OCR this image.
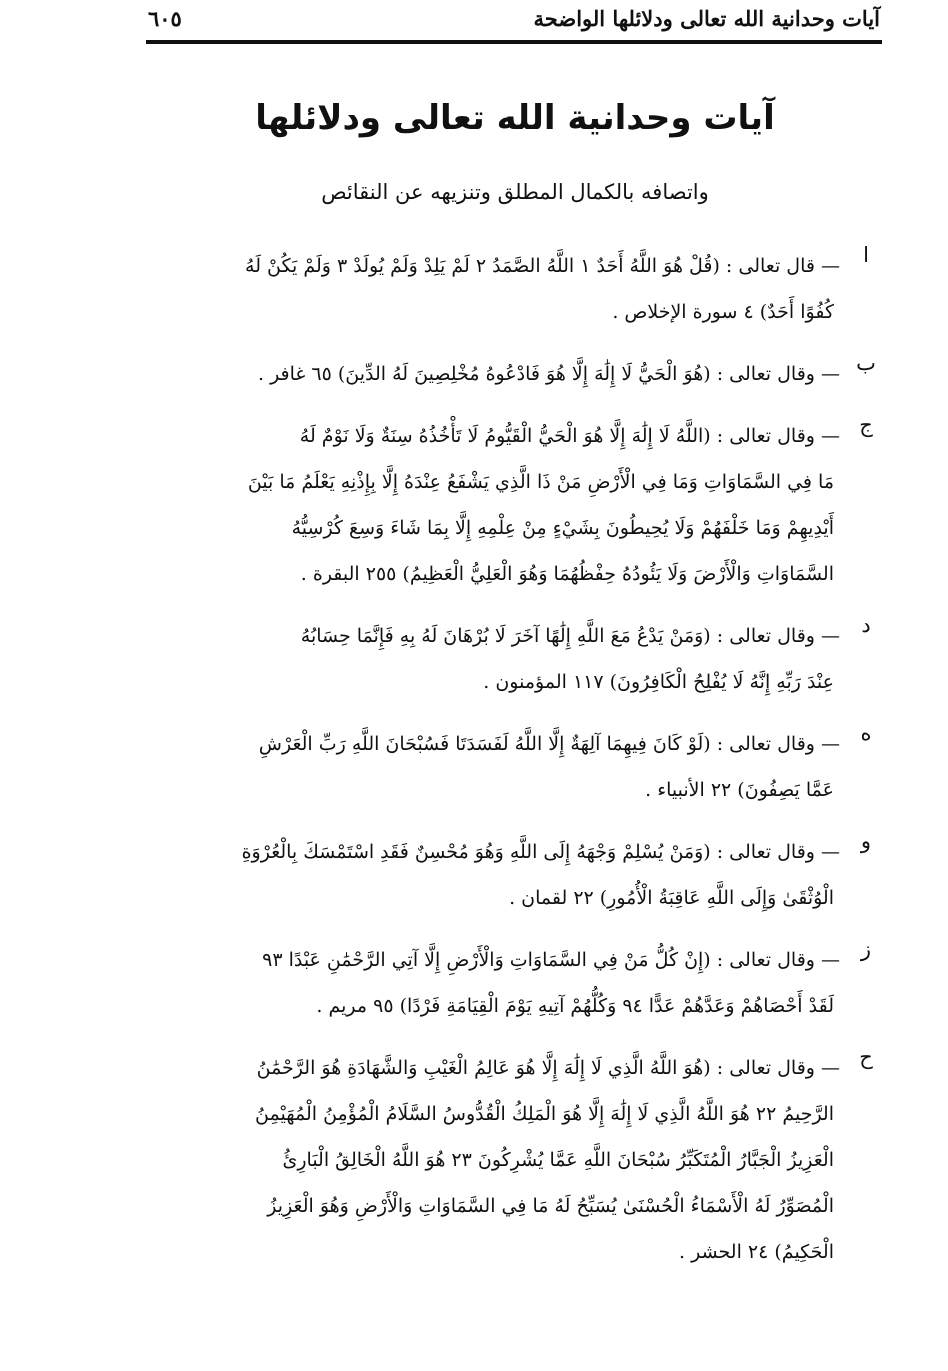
آيات وحدانية الله تعالى ودلائلها الواضحة
٦٠٥
آيات وحدانية الله تعالى ودلائلها

واتصافه بالكمال المطلق وتنزيهه عن النقائص

ا
— قال تعالى : (قُلْ هُوَ اللَّهُ أَحَدٌ ١ اللَّهُ الصَّمَدُ ٢ لَمْ يَلِدْ وَلَمْ يُولَدْ ٣ وَلَمْ يَكُنْ لَهُ
كُفُوًا أَحَدٌ) ٤ سورة الإخلاص .
ب
— وقال تعالى : (هُوَ الْحَيُّ لَا إِلَٰهَ إِلَّا هُوَ فَادْعُوهُ مُخْلِصِينَ لَهُ الدِّينَ) ٦٥ غافر .
ج
— وقال تعالى : (اللَّهُ لَا إِلَٰهَ إِلَّا هُوَ الْحَيُّ الْقَيُّومُ لَا تَأْخُذُهُ سِنَةٌ وَلَا نَوْمٌ لَهُ
مَا فِي السَّمَاوَاتِ وَمَا فِي الْأَرْضِ مَنْ ذَا الَّذِي يَشْفَعُ عِنْدَهُ إِلَّا بِإِذْنِهِ يَعْلَمُ مَا بَيْنَ
أَيْدِيهِمْ وَمَا خَلْفَهُمْ وَلَا يُحِيطُونَ بِشَيْءٍ مِنْ عِلْمِهِ إِلَّا بِمَا شَاءَ وَسِعَ كُرْسِيُّهُ
السَّمَاوَاتِ وَالْأَرْضَ وَلَا يَئُودُهُ حِفْظُهُمَا وَهُوَ الْعَلِيُّ الْعَظِيمُ) ٢٥٥ البقرة .
د
— وقال تعالى : (وَمَنْ يَدْعُ مَعَ اللَّهِ إِلَٰهًا آخَرَ لَا بُرْهَانَ لَهُ بِهِ فَإِنَّمَا حِسَابُهُ
عِنْدَ رَبِّهِ إِنَّهُ لَا يُفْلِحُ الْكَافِرُونَ) ١١٧ المؤمنون .
ه
— وقال تعالى : (لَوْ كَانَ فِيهِمَا آلِهَةٌ إِلَّا اللَّهُ لَفَسَدَتَا فَسُبْحَانَ اللَّهِ رَبِّ الْعَرْشِ
عَمَّا يَصِفُونَ) ٢٢ الأنبياء .
و
— وقال تعالى : (وَمَنْ يُسْلِمْ وَجْهَهُ إِلَى اللَّهِ وَهُوَ مُحْسِنٌ فَقَدِ اسْتَمْسَكَ بِالْعُرْوَةِ
الْوُثْقَىٰ وَإِلَى اللَّهِ عَاقِبَةُ الْأُمُورِ) ٢٢ لقمان .
ز
— وقال تعالى : (إِنْ كُلُّ مَنْ فِي السَّمَاوَاتِ وَالْأَرْضِ إِلَّا آتِي الرَّحْمَٰنِ عَبْدًا ٩٣
لَقَدْ أَحْصَاهُمْ وَعَدَّهُمْ عَدًّا ٩٤ وَكُلُّهُمْ آتِيهِ يَوْمَ الْقِيَامَةِ فَرْدًا) ٩٥ مريم .
ح
— وقال تعالى : (هُوَ اللَّهُ الَّذِي لَا إِلَٰهَ إِلَّا هُوَ عَالِمُ الْغَيْبِ وَالشَّهَادَةِ هُوَ الرَّحْمَٰنُ
الرَّحِيمُ ٢٢ هُوَ اللَّهُ الَّذِي لَا إِلَٰهَ إِلَّا هُوَ الْمَلِكُ الْقُدُّوسُ السَّلَامُ الْمُؤْمِنُ الْمُهَيْمِنُ
الْعَزِيزُ الْجَبَّارُ الْمُتَكَبِّرُ سُبْحَانَ اللَّهِ عَمَّا يُشْرِكُونَ ٢٣ هُوَ اللَّهُ الْخَالِقُ الْبَارِئُ
الْمُصَوِّرُ لَهُ الْأَسْمَاءُ الْحُسْنَىٰ يُسَبِّحُ لَهُ مَا فِي السَّمَاوَاتِ وَالْأَرْضِ وَهُوَ الْعَزِيزُ
الْحَكِيمُ) ٢٤ الحشر .
